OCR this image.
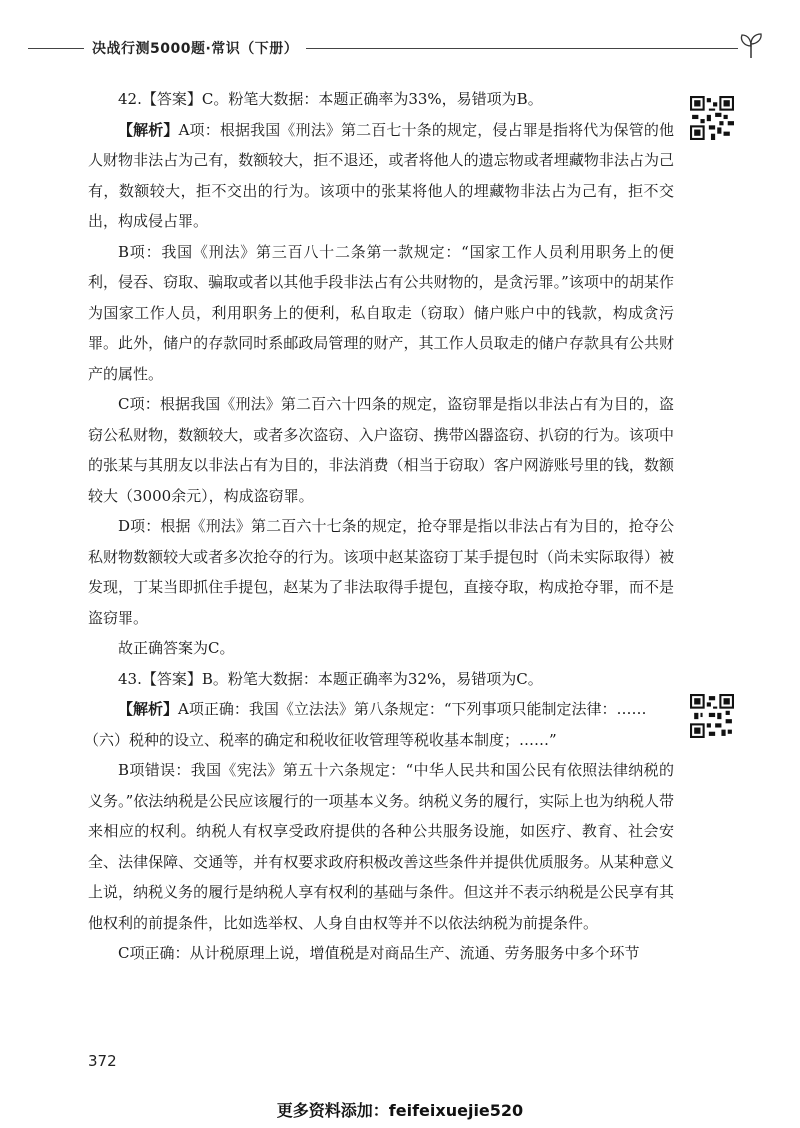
决战行测5000题·常识（下册）

42.【答案】C。粉笔大数据：本题正确率为33%，易错项为B。

【解析】A项：根据我国《刑法》第二百七十条的规定，侵占罪是指将代为保管的他人财物非法占为己有，数额较大，拒不退还，或者将他人的遗忘物或者埋藏物非法占为己有，数额较大，拒不交出的行为。该项中的张某将他人的埋藏物非法占为己有，拒不交出，构成侵占罪。

B项：我国《刑法》第三百八十二条第一款规定：“国家工作人员利用职务上的便利，侵吞、窃取、骗取或者以其他手段非法占有公共财物的，是贪污罪。”该项中的胡某作为国家工作人员，利用职务上的便利，私自取走（窃取）储户账户中的钱款，构成贪污罪。此外，储户的存款同时系邮政局管理的财产，其工作人员取走的储户存款具有公共财产的属性。

C项：根据我国《刑法》第二百六十四条的规定，盗窃罪是指以非法占有为目的，盗窃公私财物，数额较大，或者多次盗窃、入户盗窃、携带凶器盗窃、扒窃的行为。该项中的张某与其朋友以非法占有为目的，非法消费（相当于窃取）客户网游账号里的钱，数额较大（3000余元），构成盗窃罪。

D项：根据《刑法》第二百六十七条的规定，抢夺罪是指以非法占有为目的，抢夺公私财物数额较大或者多次抢夺的行为。该项中赵某盗窃丁某手提包时（尚未实际取得）被发现，丁某当即抓住手提包，赵某为了非法取得手提包，直接夺取，构成抢夺罪，而不是盗窃罪。

故正确答案为C。

43.【答案】B。粉笔大数据：本题正确率为32%，易错项为C。

【解析】A项正确：我国《立法法》第八条规定：“下列事项只能制定法律：……

（六）税种的设立、税率的确定和税收征收管理等税收基本制度；……”

B项错误：我国《宪法》第五十六条规定：“中华人民共和国公民有依照法律纳税的义务。”依法纳税是公民应该履行的一项基本义务。纳税义务的履行，实际上也为纳税人带来相应的权利。纳税人有权享受政府提供的各种公共服务设施，如医疗、教育、社会安全、法律保障、交通等，并有权要求政府积极改善这些条件并提供优质服务。从某种意义上说，纳税义务的履行是纳税人享有权利的基础与条件。但这并不表示纳税是公民享有其他权利的前提条件，比如选举权、人身自由权等并不以依法纳税为前提条件。

C项正确：从计税原理上说，增值税是对商品生产、流通、劳务服务中多个环节

372
更多资料添加：feifeixuejie520
